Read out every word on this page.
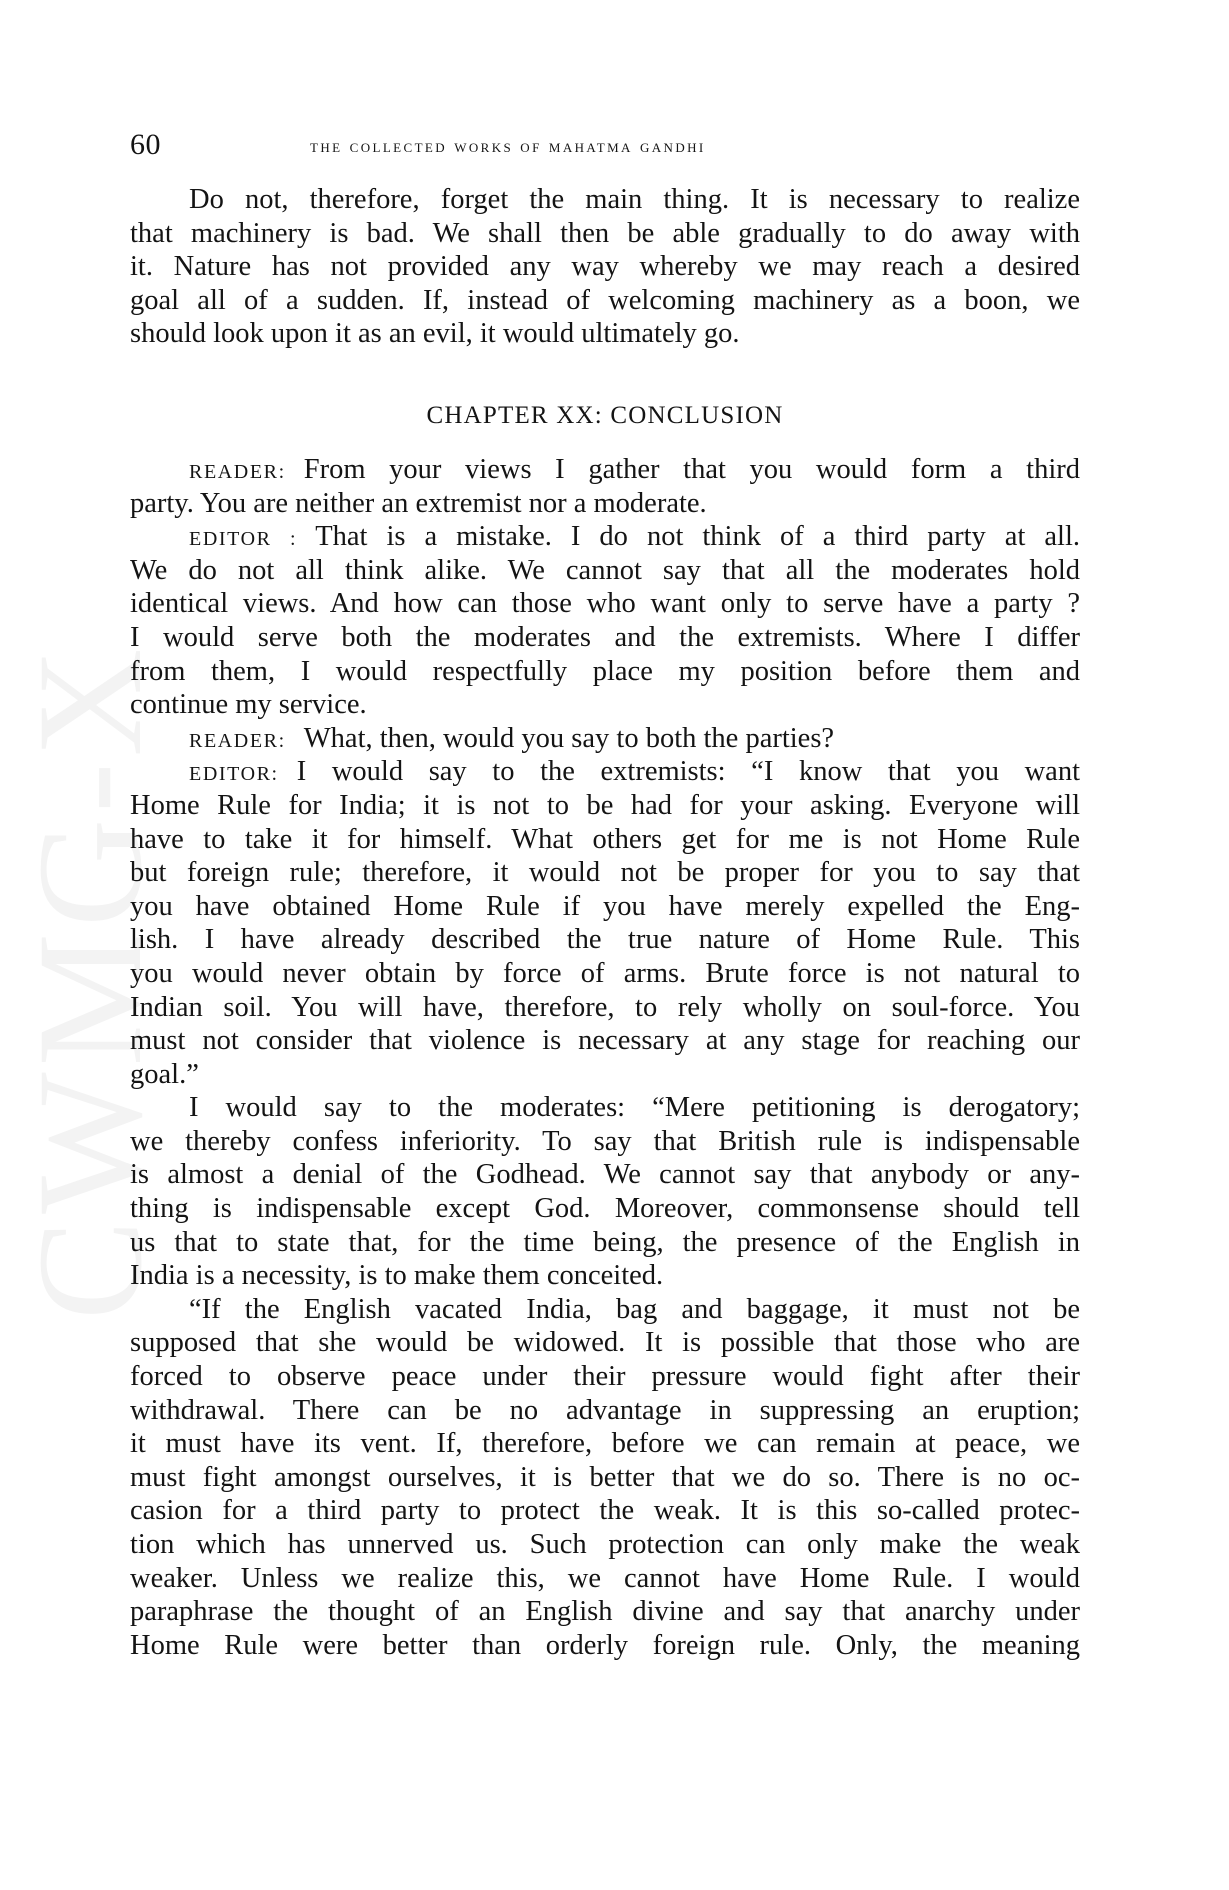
CWMG-X
60	the collected works of mahatma gandhi
Do not, therefore, forget the main thing. It is necessary to realize
that machinery is bad. We shall then be able gradually to do away with
it. Nature has not provided any way whereby we may reach a desired
goal all of a sudden. If, instead of welcoming machinery as a boon, we
should look upon it as an evil, it would ultimately go.
CHAPTER XX: CONCLUSION
READER: From your views I gather that you would form a third
party. You are neither an extremist nor a moderate.
EDITOR : That is a mistake. I do not think of a third party at all.
We do not all think alike. We cannot say that all the moderates hold
identical views. And how can those who want only to serve have a party ?
I would serve both the moderates and the extremists. Where I differ
from them, I would respectfully place my position before them and
continue my service.
READER: What, then, would you say to both the parties?
EDITOR: I would say to the extremists: “I know that you want
Home Rule for India; it is not to be had for your asking. Everyone will
have to take it for himself. What others get for me is not Home Rule
but foreign rule; therefore, it would not be proper for you to say that
you have obtained Home Rule if you have merely expelled the Eng-
lish. I have already described the true nature of Home Rule. This
you would never obtain by force of arms. Brute force is not natural to
Indian soil. You will have, therefore, to rely wholly on soul-force. You
must not consider that violence is necessary at any stage for reaching our
goal.”
I would say to the moderates: “Mere petitioning is derogatory;
we thereby confess inferiority. To say that British rule is indispensable
is almost a denial of the Godhead. We cannot say that anybody or any-
thing is indispensable except God. Moreover, commonsense should tell
us that to state that, for the time being, the presence of the English in
India is a necessity, is to make them conceited.
“If the English vacated India, bag and baggage, it must not be
supposed that she would be widowed. It is possible that those who are
forced to observe peace under their pressure would fight after their
withdrawal. There can be no advantage in suppressing an eruption;
it must have its vent. If, therefore, before we can remain at peace, we
must fight amongst ourselves, it is better that we do so. There is no oc-
casion for a third party to protect the weak. It is this so-called protec-
tion which has unnerved us. Such protection can only make the weak
weaker. Unless we realize this, we cannot have Home Rule. I would
paraphrase the thought of an English divine and say that anarchy under
Home Rule were better than orderly foreign rule. Only, the meaning
